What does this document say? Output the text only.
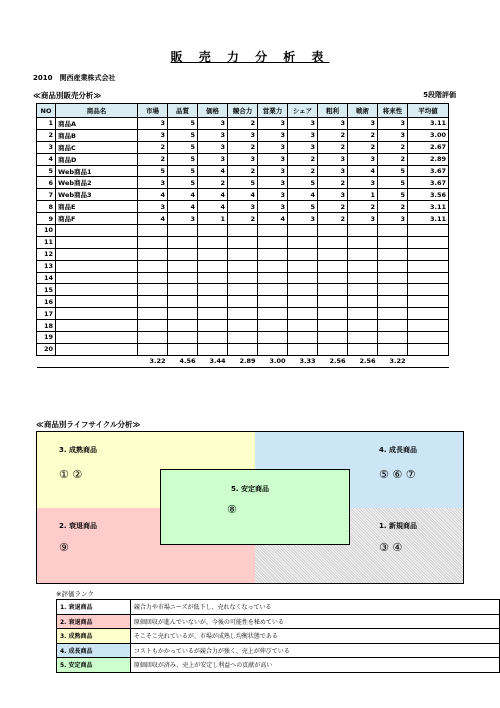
販 売 力 分 析 表
2010　関西産業株式会社
≪商品別販売分析≫	5段階評価
NO	商品名	市場	品質	価格	競合力	営業力	シェア	粗利	戦術	将来性	平均値
1	商品A	3	5	3	2	3	3	3	3	3	3.11
2	商品B	3	5	3	3	3	3	2	2	3	3.00
3	商品C	2	5	3	2	3	3	2	2	2	2.67
4	商品D	2	5	3	3	3	2	3	3	2	2.89
5	Web商品1	5	5	4	2	3	2	3	4	5	3.67
6	Web商品2	3	5	2	5	3	5	2	3	5	3.67
7	Web商品3	4	4	4	4	3	4	3	1	5	3.56
8	商品E	3	4	4	3	3	5	2	2	2	3.11
9	商品F	4	3	1	2	4	3	2	3	3	3.11
10											
11											
12											
13											
14											
15											
16											
17											
18											
19											
20											
		3.22	4.56	3.44	2.89	3.00	3.33	2.56	2.56	3.22	
≪商品別ライフサイクル分析≫
3. 成熟商品
① ②
4. 成長商品
⑤ ⑥ ⑦
2. 衰退商品
⑨
1. 新規商品
③ ④
5. 安定商品
⑧
※評価ランク
1. 衰退商品	競合力や市場ニーズが低下し、売れなくなっている
2. 衰退商品	原価回収が進んでいないが、今後の可能性を秘めている
3. 成熟商品	そこそこ売れているが、市場が成熟し均衡状態である
4. 成長商品	コストもかかっているが競合力が強く、売上が伸びている
5. 安定商品	原価回収が済み、売上が安定し利益への貢献が高い
